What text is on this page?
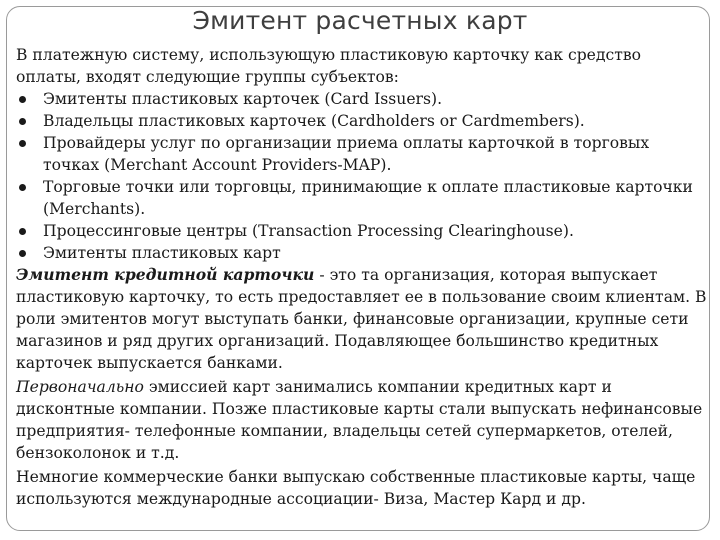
Эмитент расчетных карт

В платежную систему, использующую пластиковую карточку как средство оплаты, входят следующие группы субъектов:

Эмитенты пластиковых карточек (Card Issuers).
Владельцы пластиковых карточек (Cardholders or Cardmembers).
Провайдеры услуг по организации приема оплаты карточкой в торговых точках (Merchant Account Providers-MAP).
Торговые точки или торговцы, принимающие к оплате пластиковые карточки (Merchants).
Процессинговые центры (Transaction Processing Clearinghouse).
Эмитенты пластиковых карт

Эмитент кредитной карточки - это та организация, которая выпускает пластиковую карточку, то есть предоставляет ее в пользование своим клиентам. В роли эмитентов могут выступать банки, финансовые организации, крупные сети магазинов и ряд других организаций. Подавляющее большинство кредитных карточек выпускается банками.

Первоначально эмиссией карт занимались компании кредитных карт и дисконтные компании. Позже пластиковые карты стали выпускать нефинансовые предприятия- телефонные компании, владельцы сетей супермаркетов, отелей, бензоколонок и т.д.

Немногие коммерческие банки выпускаю собственные пластиковые карты, чаще используются международные ассоциации- Виза, Мастер Кард и др.
